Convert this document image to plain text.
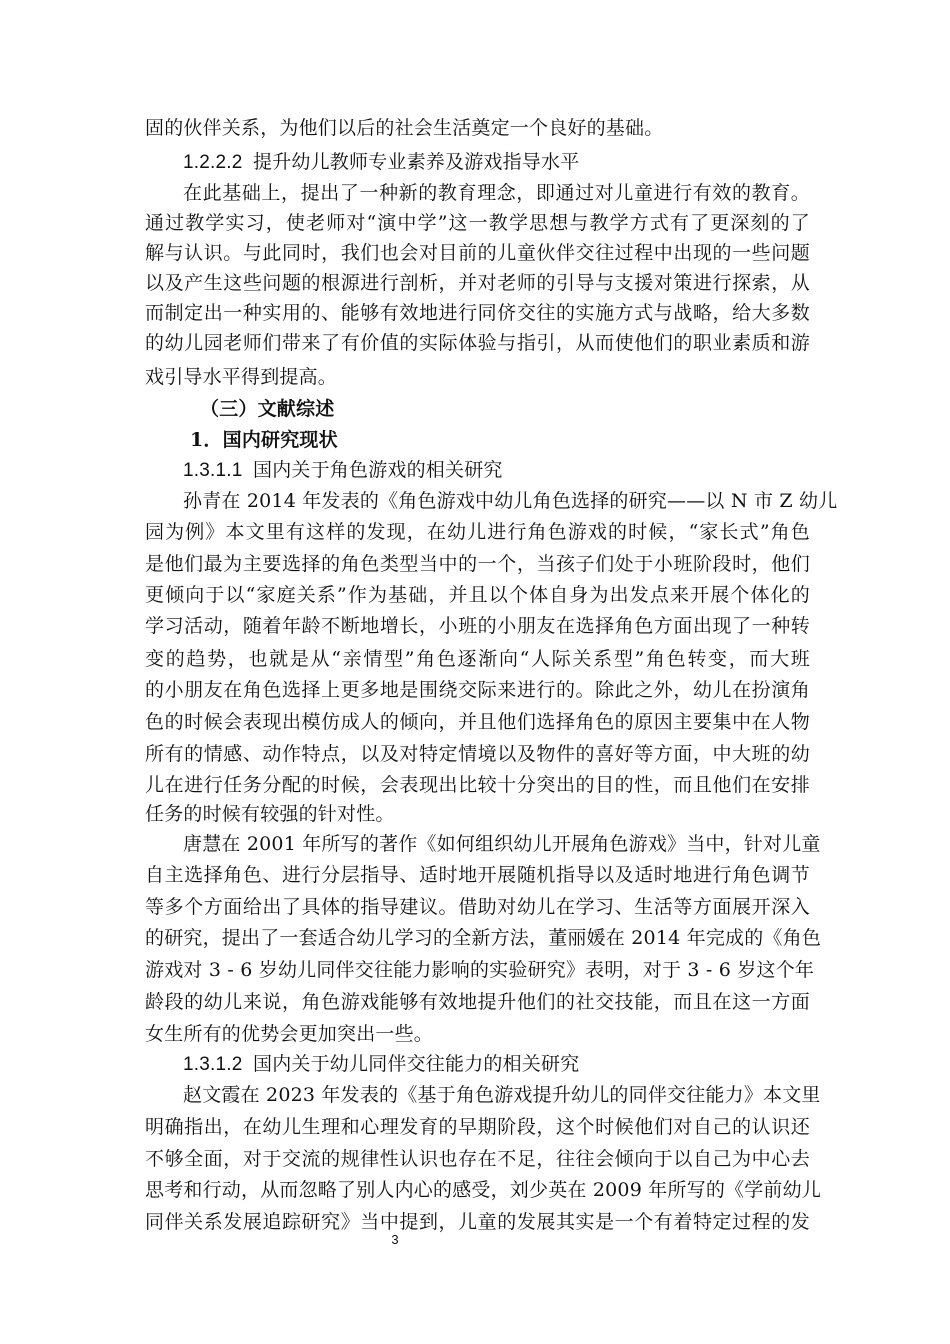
固的伙伴关系，为他们以后的社会生活奠定一个良好的基础。
1.2.2.2 提升幼儿教师专业素养及游戏指导水平
在此基础上，提出了一种新的教育理念，即通过对儿童进行有效的教育。
通过教学实习，使老师对“演中学”这一教学思想与教学方式有了更深刻的了
解与认识。与此同时，我们也会对目前的儿童伙伴交往过程中出现的一些问题
以及产生这些问题的根源进行剖析，并对老师的引导与支援对策进行探索，从
而制定出一种实用的、能够有效地进行同侪交往的实施方式与战略，给大多数
的幼儿园老师们带来了有价值的实际体验与指引，从而使他们的职业素质和游
戏引导水平得到提高。
（三）文献综述
1．国内研究现状
1.3.1.1 国内关于角色游戏的相关研究
孙青在 2014 年发表的《角色游戏中幼儿角色选择的研究——以 N 市 Z 幼儿
园为例》本文里有这样的发现，在幼儿进行角色游戏的时候，“家长式”角色
是他们最为主要选择的角色类型当中的一个，当孩子们处于小班阶段时，他们
更倾向于以“家庭关系”作为基础，并且以个体自身为出发点来开展个体化的
学习活动，随着年龄不断地增长，小班的小朋友在选择角色方面出现了一种转
变的趋势，也就是从“亲情型”角色逐渐向“人际关系型”角色转变，而大班
的小朋友在角色选择上更多地是围绕交际来进行的。除此之外，幼儿在扮演角
色的时候会表现出模仿成人的倾向，并且他们选择角色的原因主要集中在人物
所有的情感、动作特点，以及对特定情境以及物件的喜好等方面，中大班的幼
儿在进行任务分配的时候，会表现出比较十分突出的目的性，而且他们在安排
任务的时候有较强的针对性。
唐慧在 2001 年所写的著作《如何组织幼儿开展角色游戏》当中，针对儿童
自主选择角色、进行分层指导、适时地开展随机指导以及适时地进行角色调节
等多个方面给出了具体的指导建议。借助对幼儿在学习、生活等方面展开深入
的研究，提出了一套适合幼儿学习的全新方法，董丽媛在 2014 年完成的《角色
游戏对 3 - 6 岁幼儿同伴交往能力影响的实验研究》表明，对于 3 - 6 岁这个年
龄段的幼儿来说，角色游戏能够有效地提升他们的社交技能，而且在这一方面
女生所有的优势会更加突出一些。
1.3.1.2 国内关于幼儿同伴交往能力的相关研究
赵文霞在 2023 年发表的《基于角色游戏提升幼儿的同伴交往能力》本文里
明确指出，在幼儿生理和心理发育的早期阶段，这个时候他们对自己的认识还
不够全面，对于交流的规律性认识也存在不足，往往会倾向于以自己为中心去
思考和行动，从而忽略了别人内心的感受，刘少英在 2009 年所写的《学前幼儿
同伴关系发展追踪研究》当中提到，儿童的发展其实是一个有着特定过程的发
3
